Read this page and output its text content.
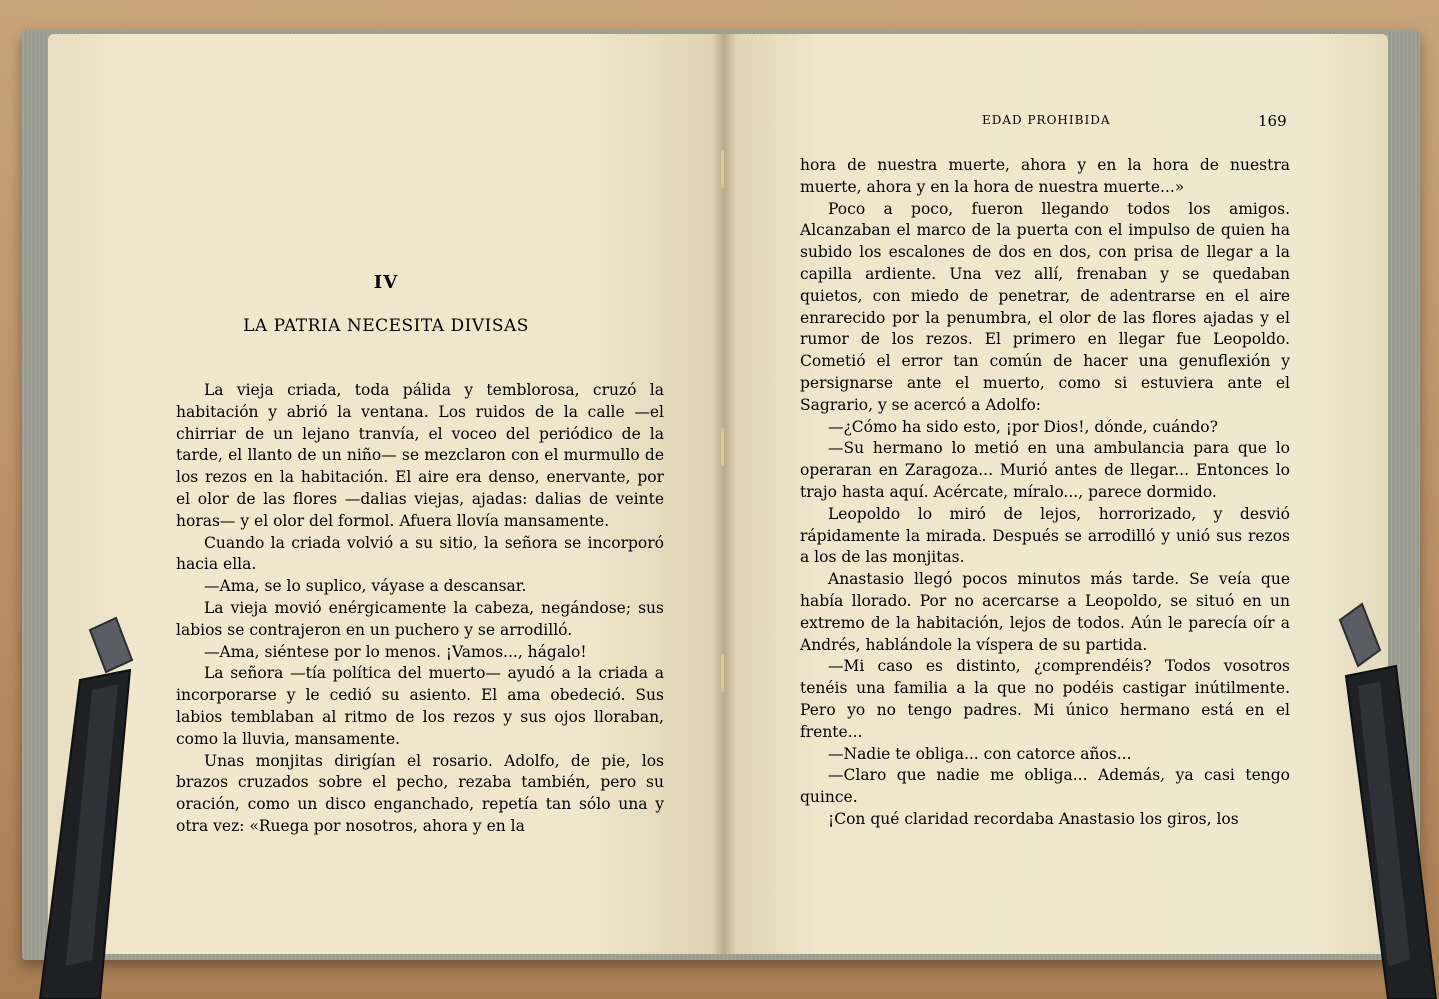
IV
LA PATRIA NECESITA DIVISAS

La vieja criada, toda pálida y temblorosa, cruzó la habitación y abrió la ventana. Los ruidos de la calle —el chirriar de un lejano tranvía, el voceo del periódico de la tarde, el llanto de un niño— se mezclaron con el murmullo de los rezos en la habitación. El aire era denso, enervante, por el olor de las flores —dalias viejas, ajadas: dalias de veinte horas— y el olor del formol. Afuera llovía mansamente.

Cuando la criada volvió a su sitio, la señora se incorporó hacia ella.

—Ama, se lo suplico, váyase a descansar.

La vieja movió enérgicamente la cabeza, negándose; sus labios se contrajeron en un puchero y se arrodilló.

—Ama, siéntese por lo menos. ¡Vamos..., hágalo!

La señora —tía política del muerto— ayudó a la criada a incorporarse y le cedió su asiento. El ama obedeció. Sus labios temblaban al ritmo de los rezos y sus ojos lloraban, como la lluvia, mansamente.

Unas monjitas dirigían el rosario. Adolfo, de pie, los brazos cruzados sobre el pecho, rezaba también, pero su oración, como un disco enganchado, repetía tan sólo una y otra vez: «Ruega por nosotros, ahora y en la

EDAD PROHIBIDA	169

hora de nuestra muerte, ahora y en la hora de nuestra muerte, ahora y en la hora de nuestra muerte...»

Poco a poco, fueron llegando todos los amigos. Alcanzaban el marco de la puerta con el impulso de quien ha subido los escalones de dos en dos, con prisa de llegar a la capilla ardiente. Una vez allí, frenaban y se quedaban quietos, con miedo de penetrar, de adentrarse en el aire enrarecido por la penumbra, el olor de las flores ajadas y el rumor de los rezos. El primero en llegar fue Leopoldo. Cometió el error tan común de hacer una genuflexión y persignarse ante el muerto, como si estuviera ante el Sagrario, y se acercó a Adolfo:

—¿Cómo ha sido esto, ¡por Dios!, dónde, cuándo?

—Su hermano lo metió en una ambulancia para que lo operaran en Zaragoza... Murió antes de llegar... Entonces lo trajo hasta aquí. Acércate, míralo..., parece dormido.

Leopoldo lo miró de lejos, horrorizado, y desvió rápidamente la mirada. Después se arrodilló y unió sus rezos a los de las monjitas.

Anastasio llegó pocos minutos más tarde. Se veía que había llorado. Por no acercarse a Leopoldo, se situó en un extremo de la habitación, lejos de todos. Aún le parecía oír a Andrés, hablándole la víspera de su partida.

—Mi caso es distinto, ¿comprendéis? Todos vosotros tenéis una familia a la que no podéis castigar inútilmente. Pero yo no tengo padres. Mi único hermano está en el frente...

—Nadie te obliga... con catorce años...

—Claro que nadie me obliga... Además, ya casi tengo quince.

¡Con qué claridad recordaba Anastasio los giros, los
